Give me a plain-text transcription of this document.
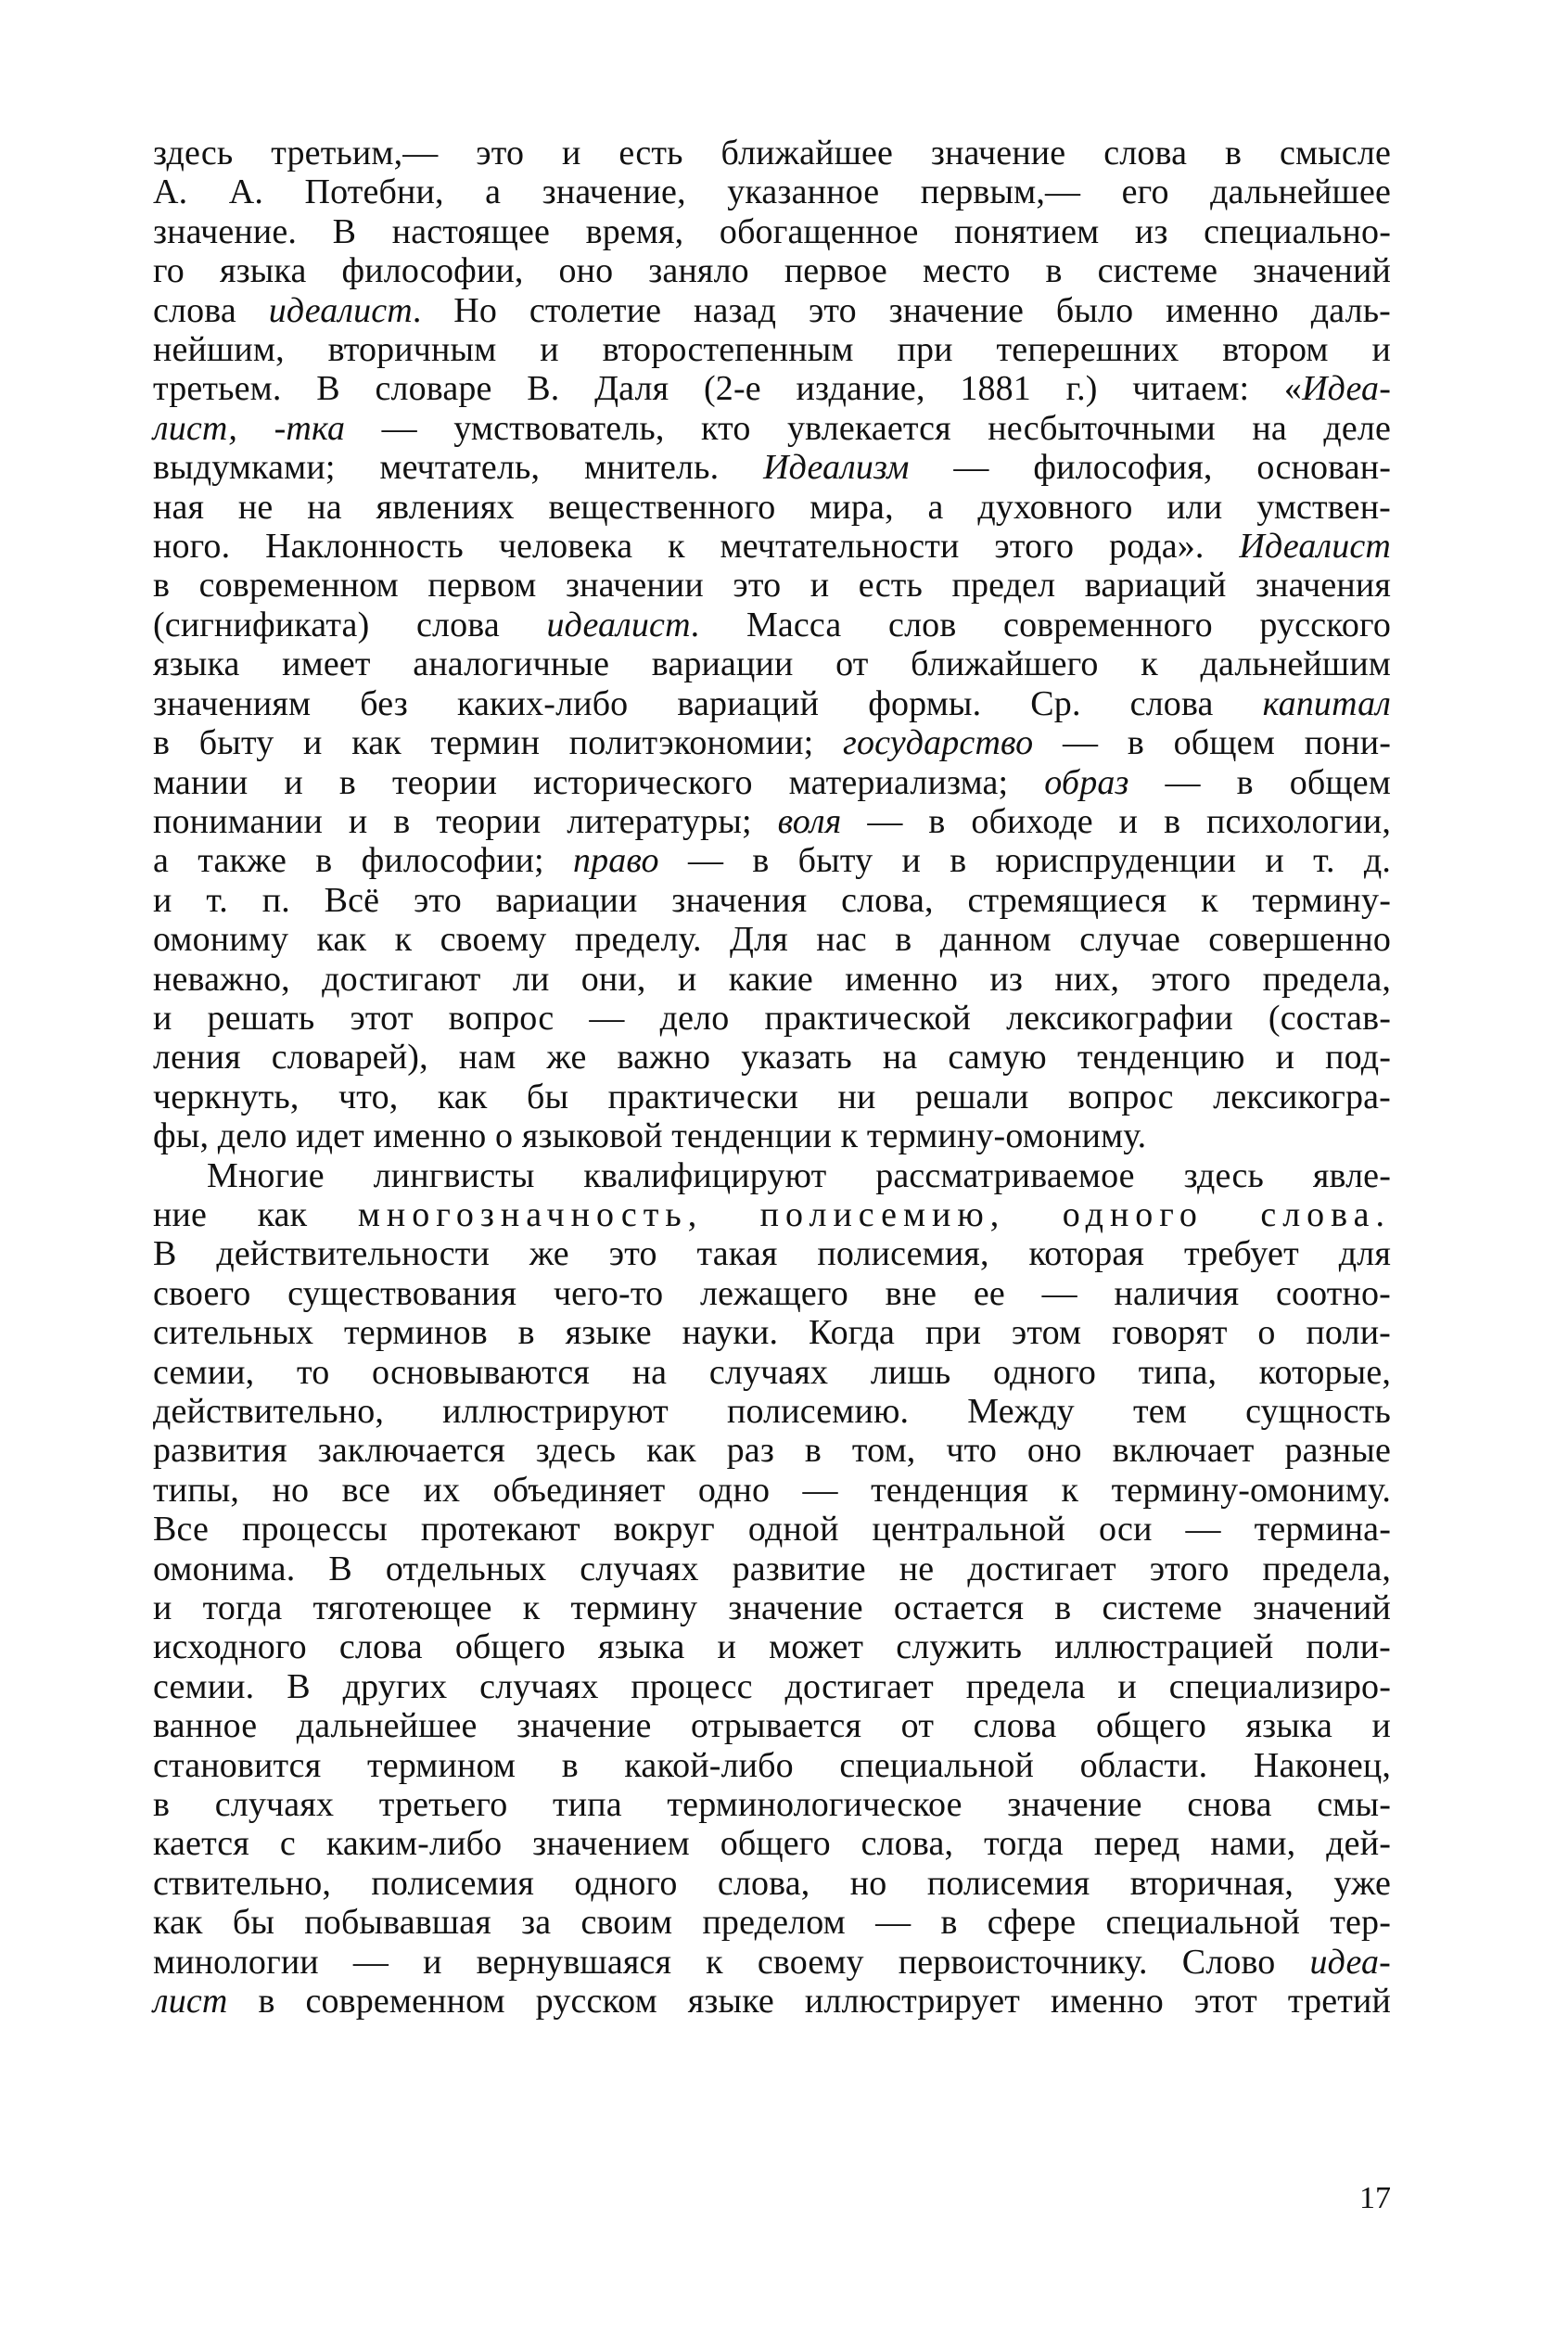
здесь третьим,— это и есть ближайшее значение слова в смысле
А. А. Потебни, а значение, указанное первым,— его дальнейшее
значение. В настоящее время, обогащенное понятием из специально-
го языка философии, оно заняло первое место в системе значений
слова идеалист. Но столетие назад это значение было именно даль-
нейшим, вторичным и второстепенным при теперешних втором и
третьем. В словаре В. Даля (2-е издание, 1881 г.) читаем: «Идеа-
лист, -тка — умствователь, кто увлекается несбыточными на деле
выдумками; мечтатель, мнитель. Идеализм — философия, основан-
ная не на явлениях вещественного мира, а духовного или умствен-
ного. Наклонность человека к мечтательности этого рода». Идеалист
в современном первом значении это и есть предел вариаций значения
(сигнификата) слова идеалист. Масса слов современного русского
языка имеет аналогичные вариации от ближайшего к дальнейшим
значениям без каких-либо вариаций формы. Ср. слова капитал
в быту и как термин политэкономии; государство — в общем пони-
мании и в теории исторического материализма; образ — в общем
понимании и в теории литературы; воля — в обиходе и в психологии,
а также в философии; право — в быту и в юриспруденции и т. д.
и т. п. Всё это вариации значения слова, стремящиеся к термину-
омониму как к своему пределу. Для нас в данном случае совершенно
неважно, достигают ли они, и какие именно из них, этого предела,
и решать этот вопрос — дело практической лексикографии (состав-
ления словарей), нам же важно указать на самую тенденцию и под-
черкнуть, что, как бы практически ни решали вопрос лексикогра-
фы, дело идет именно о языковой тенденции к термину-омониму.
Многие лингвисты квалифицируют рассматриваемое здесь явле-
ние как многозначность, полисемию, одного слова.
В действительности же это такая полисемия, которая требует для
своего существования чего-то лежащего вне ее — наличия соотно-
сительных терминов в языке науки. Когда при этом говорят о поли-
семии, то основываются на случаях лишь одного типа, которые,
действительно, иллюстрируют полисемию. Между тем сущность
развития заключается здесь как раз в том, что оно включает разные
типы, но все их объединяет одно — тенденция к термину-омониму.
Все процессы протекают вокруг одной центральной оси — термина-
омонима. В отдельных случаях развитие не достигает этого предела,
и тогда тяготеющее к термину значение остается в системе значений
исходного слова общего языка и может служить иллюстрацией поли-
семии. В других случаях процесс достигает предела и специализиро-
ванное дальнейшее значение отрывается от слова общего языка и
становится термином в какой-либо специальной области. Наконец,
в случаях третьего типа терминологическое значение снова смы-
кается с каким-либо значением общего слова, тогда перед нами, дей-
ствительно, полисемия одного слова, но полисемия вторичная, уже
как бы побывавшая за своим пределом — в сфере специальной тер-
минологии — и вернувшаяся к своему первоисточнику. Слово идеа-
лист в современном русском языке иллюстрирует именно этот третий
17
